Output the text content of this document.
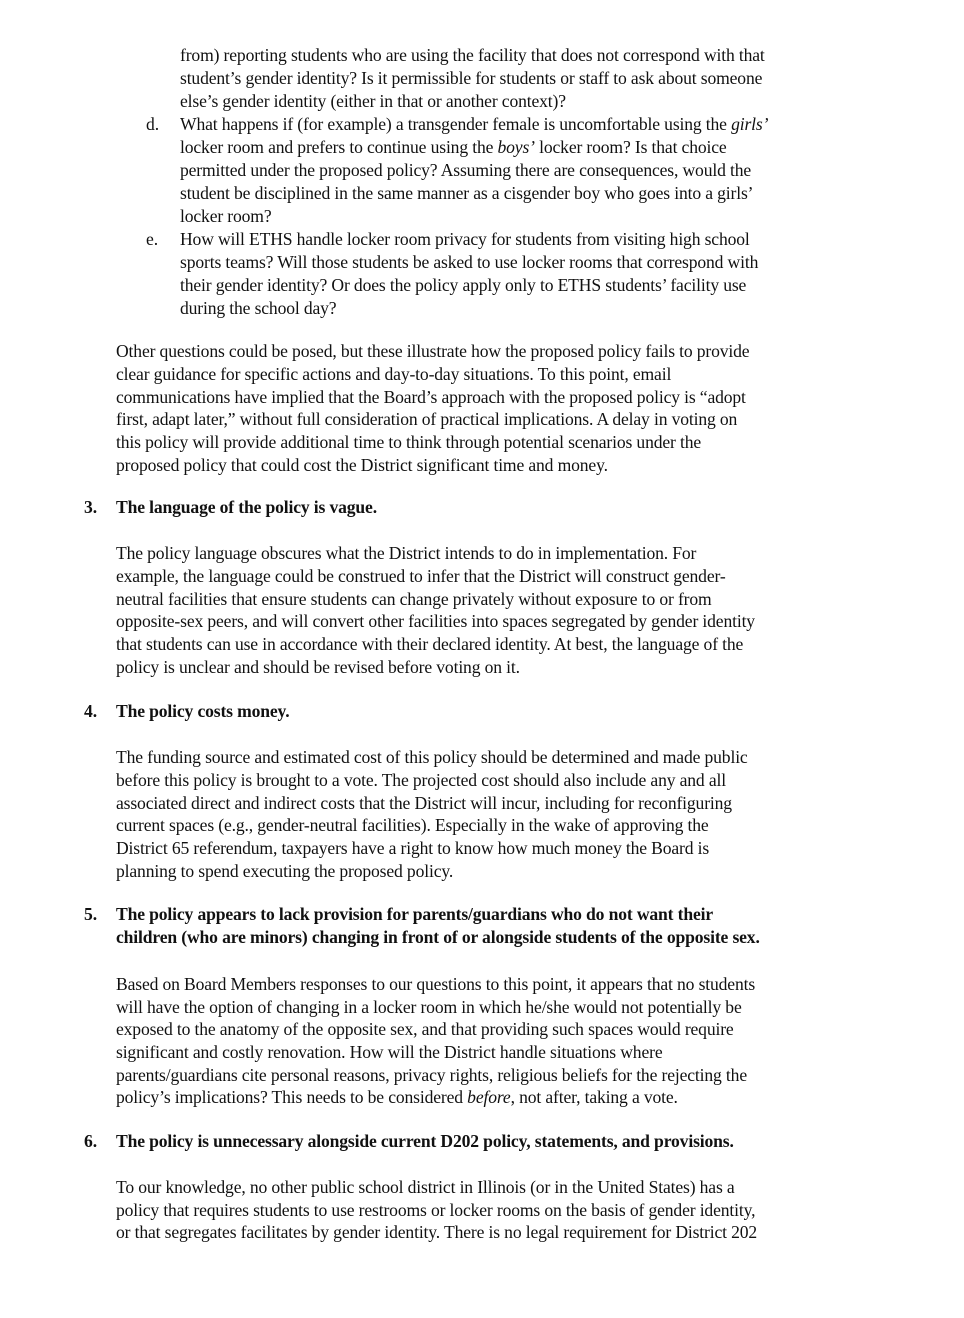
from) reporting students who are using the facility that does not correspond with that
student’s gender identity? Is it permissible for students or staff to ask about someone
else’s gender identity (either in that or another context)?
d. What happens if (for example) a transgender female is uncomfortable using the girls’
locker room and prefers to continue using the boys’ locker room? Is that choice
permitted under the proposed policy? Assuming there are consequences, would the
student be disciplined in the same manner as a cisgender boy who goes into a girls’
locker room?
e. How will ETHS handle locker room privacy for students from visiting high school
sports teams? Will those students be asked to use locker rooms that correspond with
their gender identity? Or does the policy apply only to ETHS students’ facility use
during the school day?
Other questions could be posed, but these illustrate how the proposed policy fails to provide
clear guidance for specific actions and day-to-day situations. To this point, email
communications have implied that the Board’s approach with the proposed policy is “adopt
first, adapt later,” without full consideration of practical implications. A delay in voting on
this policy will provide additional time to think through potential scenarios under the
proposed policy that could cost the District significant time and money.
3. The language of the policy is vague.
The policy language obscures what the District intends to do in implementation. For
example, the language could be construed to infer that the District will construct gender-
neutral facilities that ensure students can change privately without exposure to or from
opposite-sex peers, and will convert other facilities into spaces segregated by gender identity
that students can use in accordance with their declared identity. At best, the language of the
policy is unclear and should be revised before voting on it.
4. The policy costs money.
The funding source and estimated cost of this policy should be determined and made public
before this policy is brought to a vote. The projected cost should also include any and all
associated direct and indirect costs that the District will incur, including for reconfiguring
current spaces (e.g., gender-neutral facilities). Especially in the wake of approving the
District 65 referendum, taxpayers have a right to know how much money the Board is
planning to spend executing the proposed policy.
5. The policy appears to lack provision for parents/guardians who do not want their
children (who are minors) changing in front of or alongside students of the opposite sex.
Based on Board Members responses to our questions to this point, it appears that no students
will have the option of changing in a locker room in which he/she would not potentially be
exposed to the anatomy of the opposite sex, and that providing such spaces would require
significant and costly renovation. How will the District handle situations where
parents/guardians cite personal reasons, privacy rights, religious beliefs for the rejecting the
policy’s implications? This needs to be considered before, not after, taking a vote.
6. The policy is unnecessary alongside current D202 policy, statements, and provisions.
To our knowledge, no other public school district in Illinois (or in the United States) has a
policy that requires students to use restrooms or locker rooms on the basis of gender identity,
or that segregates facilitates by gender identity. There is no legal requirement for District 202
